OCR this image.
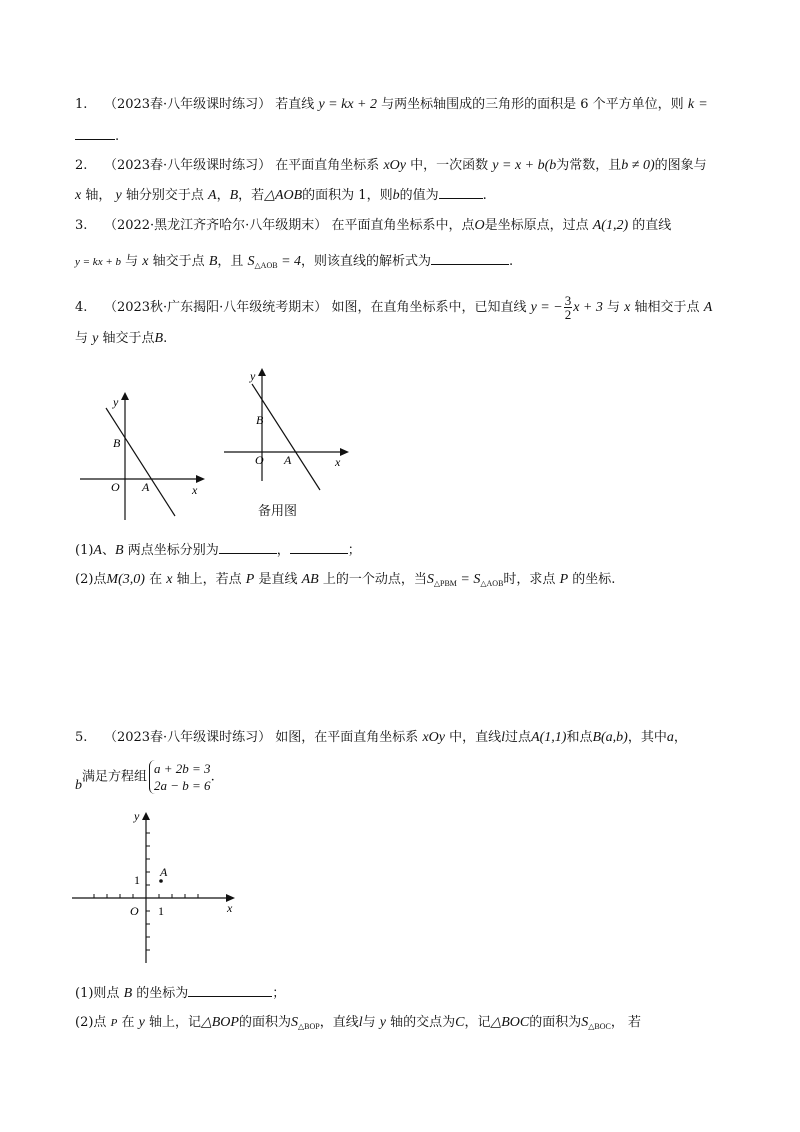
1. （2023春·八年级课时练习） 若直线 y = kx + 2 与两坐标轴围成的三角形的面积是 6 个平方单位，则 k =
.
2. （2023春·八年级课时练习） 在平面直角坐标系 xOy 中，一次函数 y = x + b(b为常数，且b ≠ 0)的图象与
x 轴， y 轴分别交于点 A，B，若△AOB的面积为 1，则b的值为	.
3. （2022·黑龙江齐齐哈尔·八年级期末） 在平面直角坐标系中，点O是坐标原点，过点 A(1,2) 的直线
y = kx + b 与 x 轴交于点 B，且 $S_{\triangle AOB} = 4$，则该直线的解析式为	.
4. （2023秋·广东揭阳·八年级统考期末） 如图，在直角坐标系中，已知直线 y = − $\frac{3}{2}$ x + 3 与 x 轴相交于点 A
与 y 轴交于点B.
y
x
O A
B
y
x
O A
B
备用图
(1)A、B 两点坐标分别为	，	；
(2)点M(3,0) 在 x 轴上，若点 P 是直线 AB 上的一个动点，当$S_{\triangle PBM} = S_{\triangle AOB}$时，求点 P 的坐标.
5. （2023春·八年级课时练习） 如图，在平面直角坐标系 xOy 中，直线l过点A(1,1)和点B(a,b)，其中a，
b满足方程组
a + 2b = 3
2a − b = 6
.
y
x
O 1
1
A
(1)则点 B 的坐标为	；
(2)点 P 在 y 轴上，记△BOP的面积为$S_{\triangle BOP}$，直线l与 y 轴的交点为C，记△BOC的面积为$S_{\triangle BOC}$， 若
